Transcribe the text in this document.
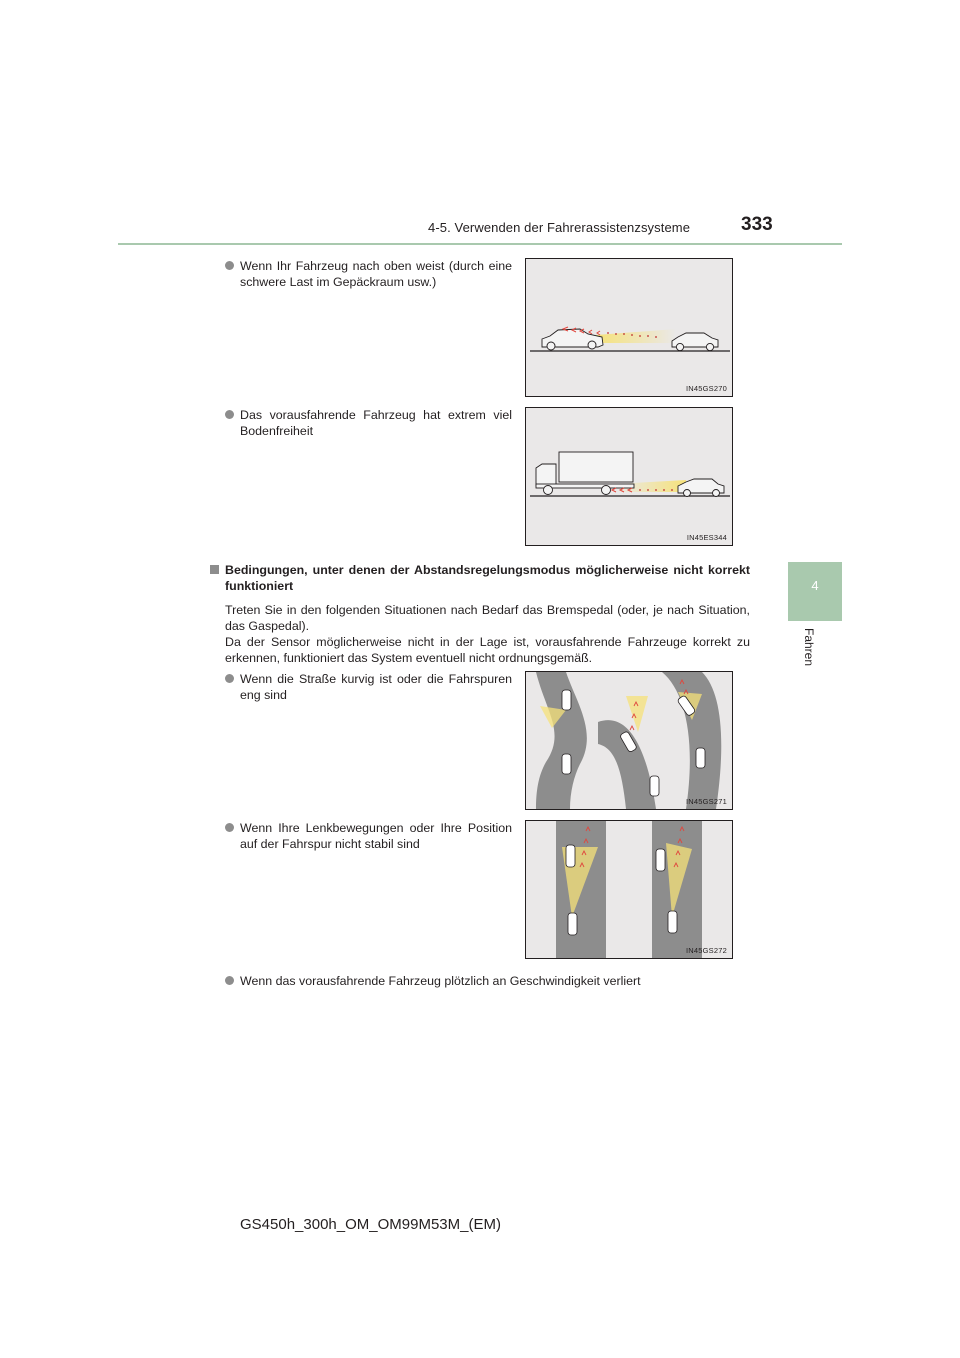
4-5. Verwenden der Fahrerassistenzsysteme	333
4
Fahren
Wenn Ihr Fahrzeug nach oben weist (durch eine schwere Last im Gepäckraum usw.)
IN45GS270
Das vorausfahrende Fahrzeug hat extrem viel Bodenfreiheit
IN45ES344
Bedingungen, unter denen der Abstandsregelungsmodus möglicherweise nicht korrekt funktioniert

Treten Sie in den folgenden Situationen nach Bedarf das Bremspedal (oder, je nach Situation, das Gaspedal).

Da der Sensor möglicherweise nicht in der Lage ist, vorausfahrende Fahrzeuge korrekt zu erkennen, funktioniert das System eventuell nicht ordnungsgemäß.

Wenn die Straße kurvig ist oder die Fahrspuren eng sind
IN45GS271
Wenn Ihre Lenkbewegungen oder Ihre Position auf der Fahrspur nicht stabil sind
IN45GS272
Wenn das vorausfahrende Fahrzeug plötzlich an Geschwindigkeit verliert
GS450h_300h_OM_OM99M53M_(EM)
